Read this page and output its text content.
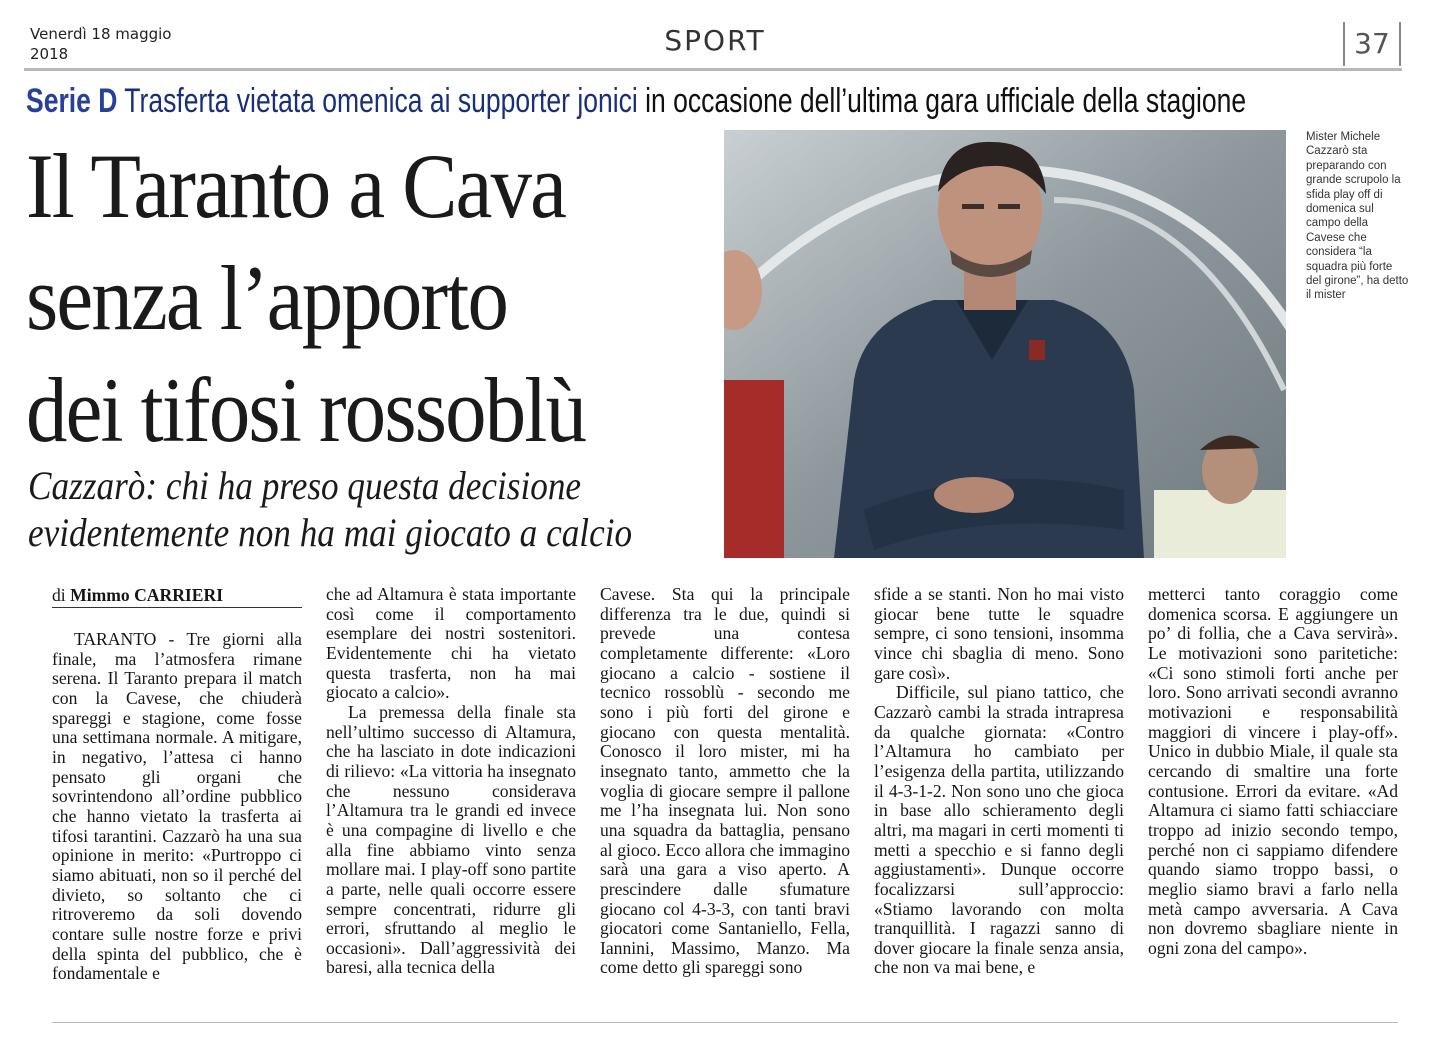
Venerdì 18 maggio
2018	SPORT	37
Serie D Trasferta vietata omenica ai supporter jonici in occasione dell’ultima gara ufficiale della stagione
Il Taranto a Cava
senza l’apporto
dei tifosi rossoblù
Cazzarò: chi ha preso questa decisione
evidentemente non ha mai giocato a calcio
Mister Michele Cazzarò sta preparando con grande scrupolo la sfida play off di domenica sul campo della Cavese che considera “la squadra più forte del girone”, ha detto il mister
di Mimmo CARRIERI

TARANTO - Tre giorni alla finale, ma l’atmosfera rimane serena. Il Taranto prepara il match con la Cavese, che chiuderà spareggi e stagione, come fosse una settimana normale. A mitigare, in negativo, l’attesa ci hanno pensato gli organi che sovrintendono all’ordine pubblico che hanno vietato la trasferta ai tifosi tarantini. Cazzarò ha una sua opinione in merito: «Purtroppo ci siamo abituati, non so il perché del divieto, so soltanto che ci ritroveremo da soli dovendo contare sulle nostre forze e privi della spinta del pubblico, che è fondamentale e

che ad Altamura è stata importante così come il comportamento esemplare dei nostri sostenitori. Evidentemente chi ha vietato questa trasferta, non ha mai giocato a calcio».

La premessa della finale sta nell’ultimo successo di Altamura, che ha lasciato in dote indicazioni di rilievo: «La vittoria ha insegnato che nessuno considerava l’Altamura tra le grandi ed invece è una compagine di livello e che alla fine abbiamo vinto senza mollare mai. I play-off sono partite a parte, nelle quali occorre essere sempre concentrati, ridurre gli errori, sfruttando al meglio le occasioni». Dall’aggressività dei baresi, alla tecnica della

Cavese. Sta qui la principale differenza tra le due, quindi si prevede una contesa completamente differente: «Loro giocano a calcio - sostiene il tecnico rossoblù - secondo me sono i più forti del girone e giocano con questa mentalità. Conosco il loro mister, mi ha insegnato tanto, ammetto che la voglia di giocare sempre il pallone me l’ha insegnata lui. Non sono una squadra da battaglia, pensano al gioco. Ecco allora che immagino sarà una gara a viso aperto. A prescindere dalle sfumature giocano col 4-3-3, con tanti bravi giocatori come Santaniello, Fella, Iannini, Massimo, Manzo. Ma come detto gli spareggi sono

sfide a se stanti. Non ho mai visto giocar bene tutte le squadre sempre, ci sono tensioni, insomma vince chi sbaglia di meno. Sono gare così».

Difficile, sul piano tattico, che Cazzarò cambi la strada intrapresa da qualche giornata: «Contro l’Altamura ho cambiato per l’esigenza della partita, utilizzando il 4-3-1-2. Non sono uno che gioca in base allo schieramento degli altri, ma magari in certi momenti ti metti a specchio e si fanno degli aggiustamenti». Dunque occorre focalizzarsi sull’approccio: «Stiamo lavorando con molta tranquillità. I ragazzi sanno di dover giocare la finale senza ansia, che non va mai bene, e

metterci tanto coraggio come domenica scorsa. E aggiungere un po’ di follia, che a Cava servirà». Le motivazioni sono paritetiche: «Ci sono stimoli forti anche per loro. Sono arrivati secondi avranno motivazioni e responsabilità maggiori di vincere i play-off». Unico in dubbio Miale, il quale sta cercando di smaltire una forte contusione. Errori da evitare. «Ad Altamura ci siamo fatti schiacciare troppo ad inizio secondo tempo, perché non ci sappiamo difendere quando siamo troppo bassi, o meglio siamo bravi a farlo nella metà campo avversaria. A Cava non dovremo sbagliare niente in ogni zona del campo».
